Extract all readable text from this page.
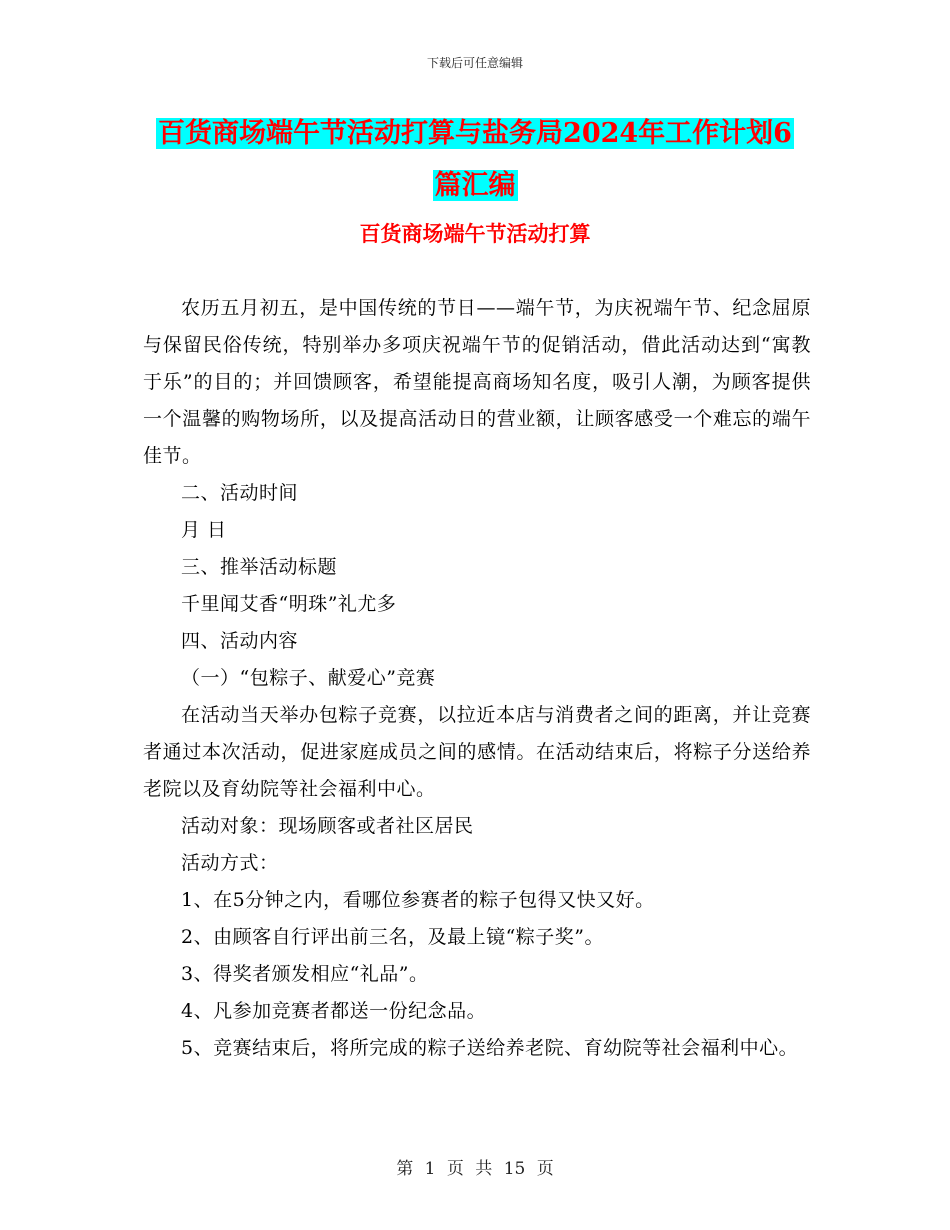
下载后可任意编辑
百货商场端午节活动打算与盐务局2024年工作计划6
篇汇编
百货商场端午节活动打算

农历五月初五，是中国传统的节日——端午节，为庆祝端午节、纪念屈原与保留民俗传统，特别举办多项庆祝端午节的促销活动，借此活动达到“寓教于乐”的目的；并回馈顾客，希望能提高商场知名度，吸引人潮，为顾客提供一个温馨的购物场所，以及提高活动日的营业额，让顾客感受一个难忘的端午佳节。

二、活动时间

月 日

三、推举活动标题

千里闻艾香“明珠”礼尤多

四、活动内容

（一）“包粽子、献爱心”竞赛

在活动当天举办包粽子竞赛，以拉近本店与消费者之间的距离，并让竞赛者通过本次活动，促进家庭成员之间的感情。在活动结束后，将粽子分送给养老院以及育幼院等社会福利中心。

活动对象：现场顾客或者社区居民

活动方式：

1、在5分钟之内，看哪位参赛者的粽子包得又快又好。

2、由顾客自行评出前三名，及最上镜“粽子奖”。

3、得奖者颁发相应“礼品”。

4、凡参加竞赛者都送一份纪念品。

5、竞赛结束后，将所完成的粽子送给养老院、育幼院等社会福利中心。

第 1 页 共 15 页
